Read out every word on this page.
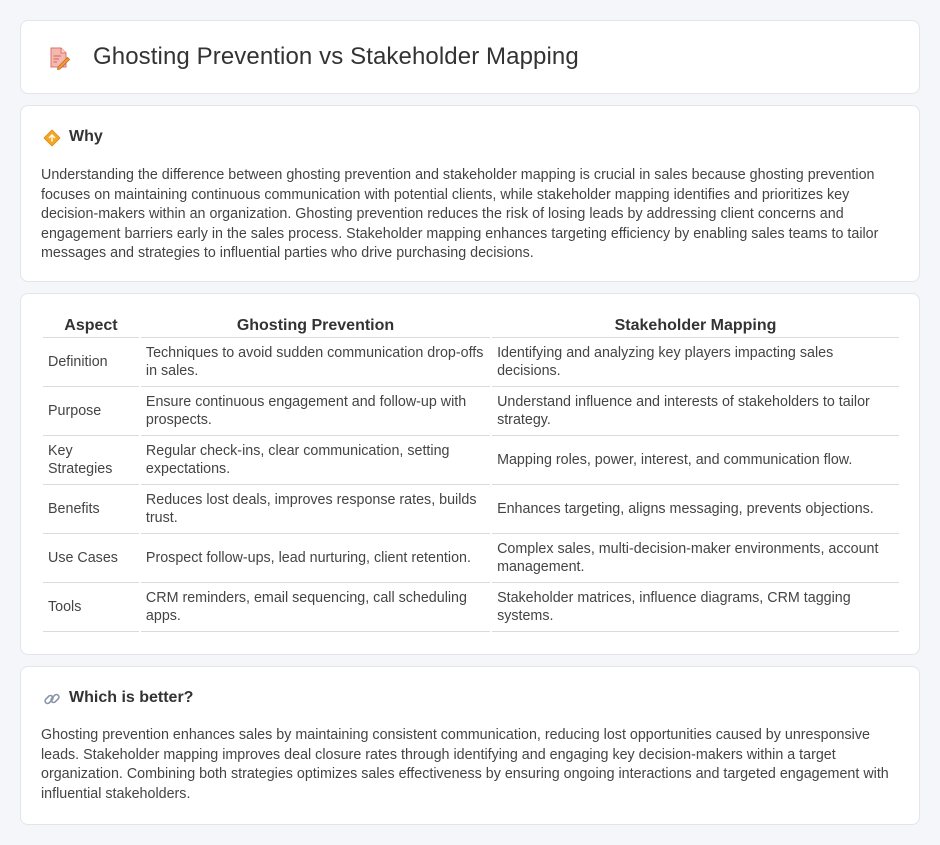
Ghosting Prevention vs Stakeholder Mapping
Why

Understanding the difference between ghosting prevention and stakeholder mapping is crucial in sales because ghosting prevention focuses on maintaining continuous communication with potential clients, while stakeholder mapping identifies and prioritizes key decision-makers within an organization. Ghosting prevention reduces the risk of losing leads by addressing client concerns and engagement barriers early in the sales process. Stakeholder mapping enhances targeting efficiency by enabling sales teams to tailor messages and strategies to influential parties who drive purchasing decisions.

Aspect	Ghosting Prevention	Stakeholder Mapping
Definition	Techniques to avoid sudden communication drop-offs in sales.	Identifying and analyzing key players impacting sales decisions.
Purpose	Ensure continuous engagement and follow-up with prospects.	Understand influence and interests of stakeholders to tailor strategy.
Key Strategies	Regular check-ins, clear communication, setting expectations.	Mapping roles, power, interest, and communication flow.
Benefits	Reduces lost deals, improves response rates, builds trust.	Enhances targeting, aligns messaging, prevents objections.
Use Cases	Prospect follow-ups, lead nurturing, client retention.	Complex sales, multi-decision-maker environments, account management.
Tools	CRM reminders, email sequencing, call scheduling apps.	Stakeholder matrices, influence diagrams, CRM tagging systems.
Which is better?

Ghosting prevention enhances sales by maintaining consistent communication, reducing lost opportunities caused by unresponsive leads. Stakeholder mapping improves deal closure rates through identifying and engaging key decision-makers within a target organization. Combining both strategies optimizes sales effectiveness by ensuring ongoing interactions and targeted engagement with influential stakeholders.
